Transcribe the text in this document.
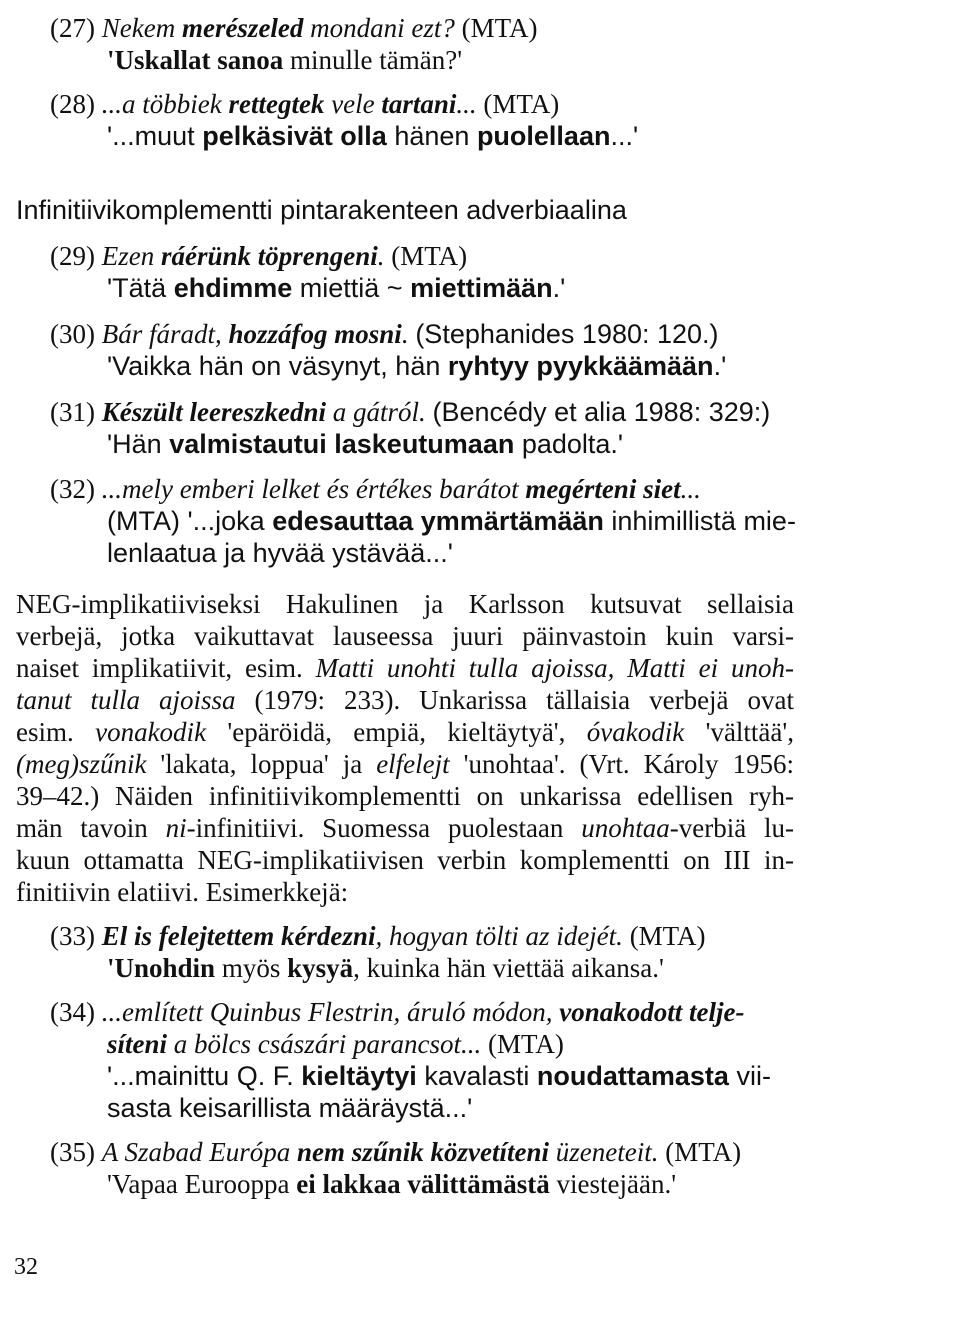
(27) Nekem merészeled mondani ezt? (MTA)
'Uskallat sanoa minulle tämän?'
(28) ...a többiek rettegtek vele tartani... (MTA)
'...muut pelkäsivät olla hänen puolellaan...'
Infinitiivikomplementti pintarakenteen adverbiaalina
(29) Ezen ráérünk töprengeni. (MTA)
'Tätä ehdimme miettiä ~ miettimään.'
(30) Bár fáradt, hozzáfog mosni. (Stephanides 1980: 120.)
'Vaikka hän on väsynyt, hän ryhtyy pyykkäämään.'
(31) Készült leereszkedni a gátról. (Bencédy et alia 1988: 329:)
'Hän valmistautui laskeutumaan padolta.'
(32) ...mely emberi lelket és értékes barátot megérteni siet...
(MTA) '...joka edesauttaa ymmärtämään inhimillistä mie-
lenlaatua ja hyvää ystävää...'
NEG-implikatiiviseksi Hakulinen ja Karlsson kutsuvat sellaisia
verbejä, jotka vaikuttavat lauseessa juuri päinvastoin kuin varsi-
naiset implikatiivit, esim. Matti unohti tulla ajoissa, Matti ei unoh-
tanut tulla ajoissa (1979: 233). Unkarissa tällaisia verbejä ovat
esim. vonakodik 'epäröidä, empiä, kieltäytyä', óvakodik 'välttää',
(meg)szűnik 'lakata, loppua' ja elfelejt 'unohtaa'. (Vrt. Károly 1956:
39–42.) Näiden infinitiivikomplementti on unkarissa edellisen ryh-
män tavoin ni-infinitiivi. Suomessa puolestaan unohtaa-verbiä lu-
kuun ottamatta NEG-implikatiivisen verbin komplementti on III in-
finitiivin elatiivi. Esimerkkejä:
(33) El is felejtettem kérdezni, hogyan tölti az idejét. (MTA)
'Unohdin myös kysyä, kuinka hän viettää aikansa.'
(34) ...említett Quinbus Flestrin, áruló módon, vonakodott telje-
síteni a bölcs császári parancsot... (MTA)
'...mainittu Q. F. kieltäytyi kavalasti noudattamasta vii-
sasta keisarillista määräystä...'
(35) A Szabad Európa nem szűnik közvetíteni üzeneteit. (MTA)
'Vapaa Eurooppa ei lakkaa välittämästä viestejään.'
32
